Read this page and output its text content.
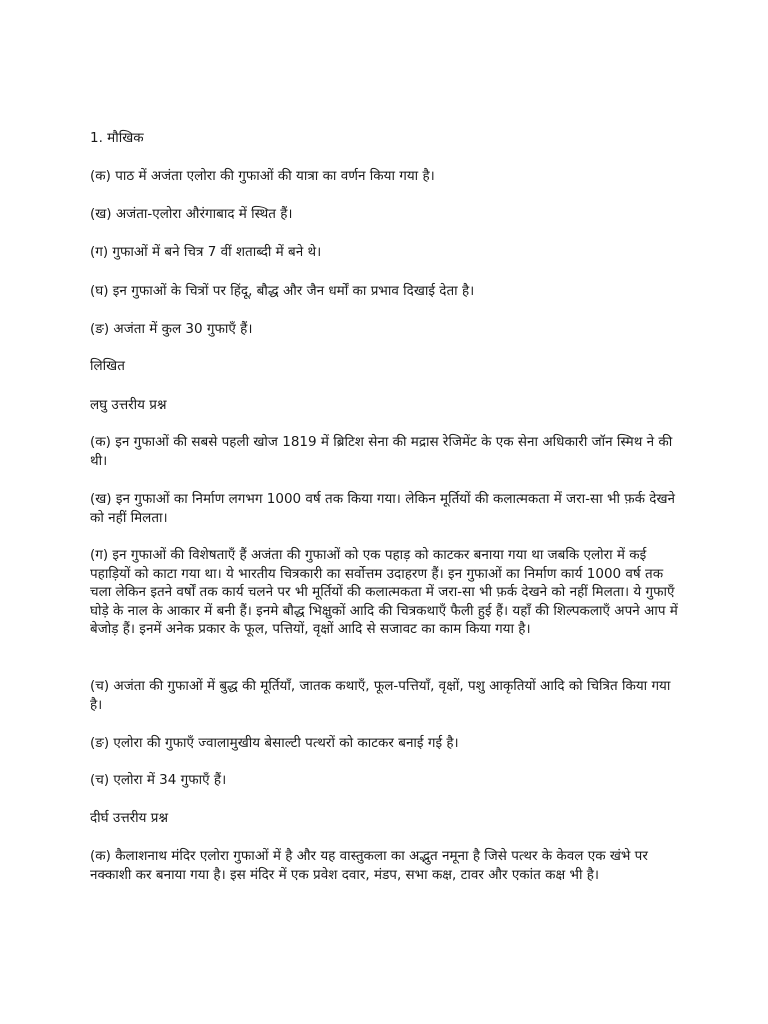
1. मौखिक

(क) पाठ में अजंता एलोरा की गुफाओं की यात्रा का वर्णन किया गया है।

(ख) अजंता-एलोरा औरंगाबाद में स्थित हैं।

(ग) गुफाओं में बने चित्र 7 वीं शताब्दी में बने थे।

(घ) इन गुफाओं के चित्रों पर हिंदू, बौद्ध और जैन धर्मों का प्रभाव दिखाई देता है।

(ङ) अजंता में कुल 30 गुफाएँ हैं।

लिखित

लघु उत्तरीय प्रश्न

(क) इन गुफाओं की सबसे पहली खोज 1819 में ब्रिटिश सेना की मद्रास रेजिमेंट के एक सेना अधिकारी जॉन स्मिथ ने की थी।

(ख) इन गुफाओं का निर्माण लगभग 1000 वर्ष तक किया गया। लेकिन मूर्तियों की कलात्मकता में जरा-सा भी फ़र्क देखने को नहीं मिलता।

(ग) इन गुफाओं की विशेषताएँ हैं अजंता की गुफाओं को एक पहाड़ को काटकर बनाया गया था जबकि एलोरा में कई पहाड़ियों को काटा गया था। ये भारतीय चित्रकारी का सर्वोत्तम उदाहरण हैं। इन गुफाओं का निर्माण कार्य 1000 वर्ष तक चला लेकिन इतने वर्षों तक कार्य चलने पर भी मूर्तियों की कलात्मकता में जरा-सा भी फ़र्क देखने को नहीं मिलता। ये गुफाएँ घोड़े के नाल के आकार में बनी हैं। इनमे बौद्ध भिक्षुकों आदि की चित्रकथाएँ फैली हुई हैं। यहाँ की शिल्पकलाएँ अपने आप में बेजोड़ हैं। इनमें अनेक प्रकार के फूल, पत्तियों, वृक्षों आदि से सजावट का काम किया गया है।

(च) अजंता की गुफाओं में बुद्ध की मूर्तियाँ, जातक कथाएँ, फूल-पत्तियाँ, वृक्षों, पशु आकृतियों आदि को चित्रित किया गया है।

(ङ) एलोरा की गुफाएँ ज्वालामुखीय बेसाल्टी पत्थरों को काटकर बनाई गई है।

(च) एलोरा में 34 गुफाएँ हैं।

दीर्घ उत्तरीय प्रश्न

(क) कैलाशनाथ मंदिर एलोरा गुफाओं में है और यह वास्तुकला का अद्भुत नमूना है जिसे पत्थर के केवल एक खंभे पर नक्काशी कर बनाया गया है। इस मंदिर में एक प्रवेश दवार, मंडप, सभा कक्ष, टावर और एकांत कक्ष भी है।
